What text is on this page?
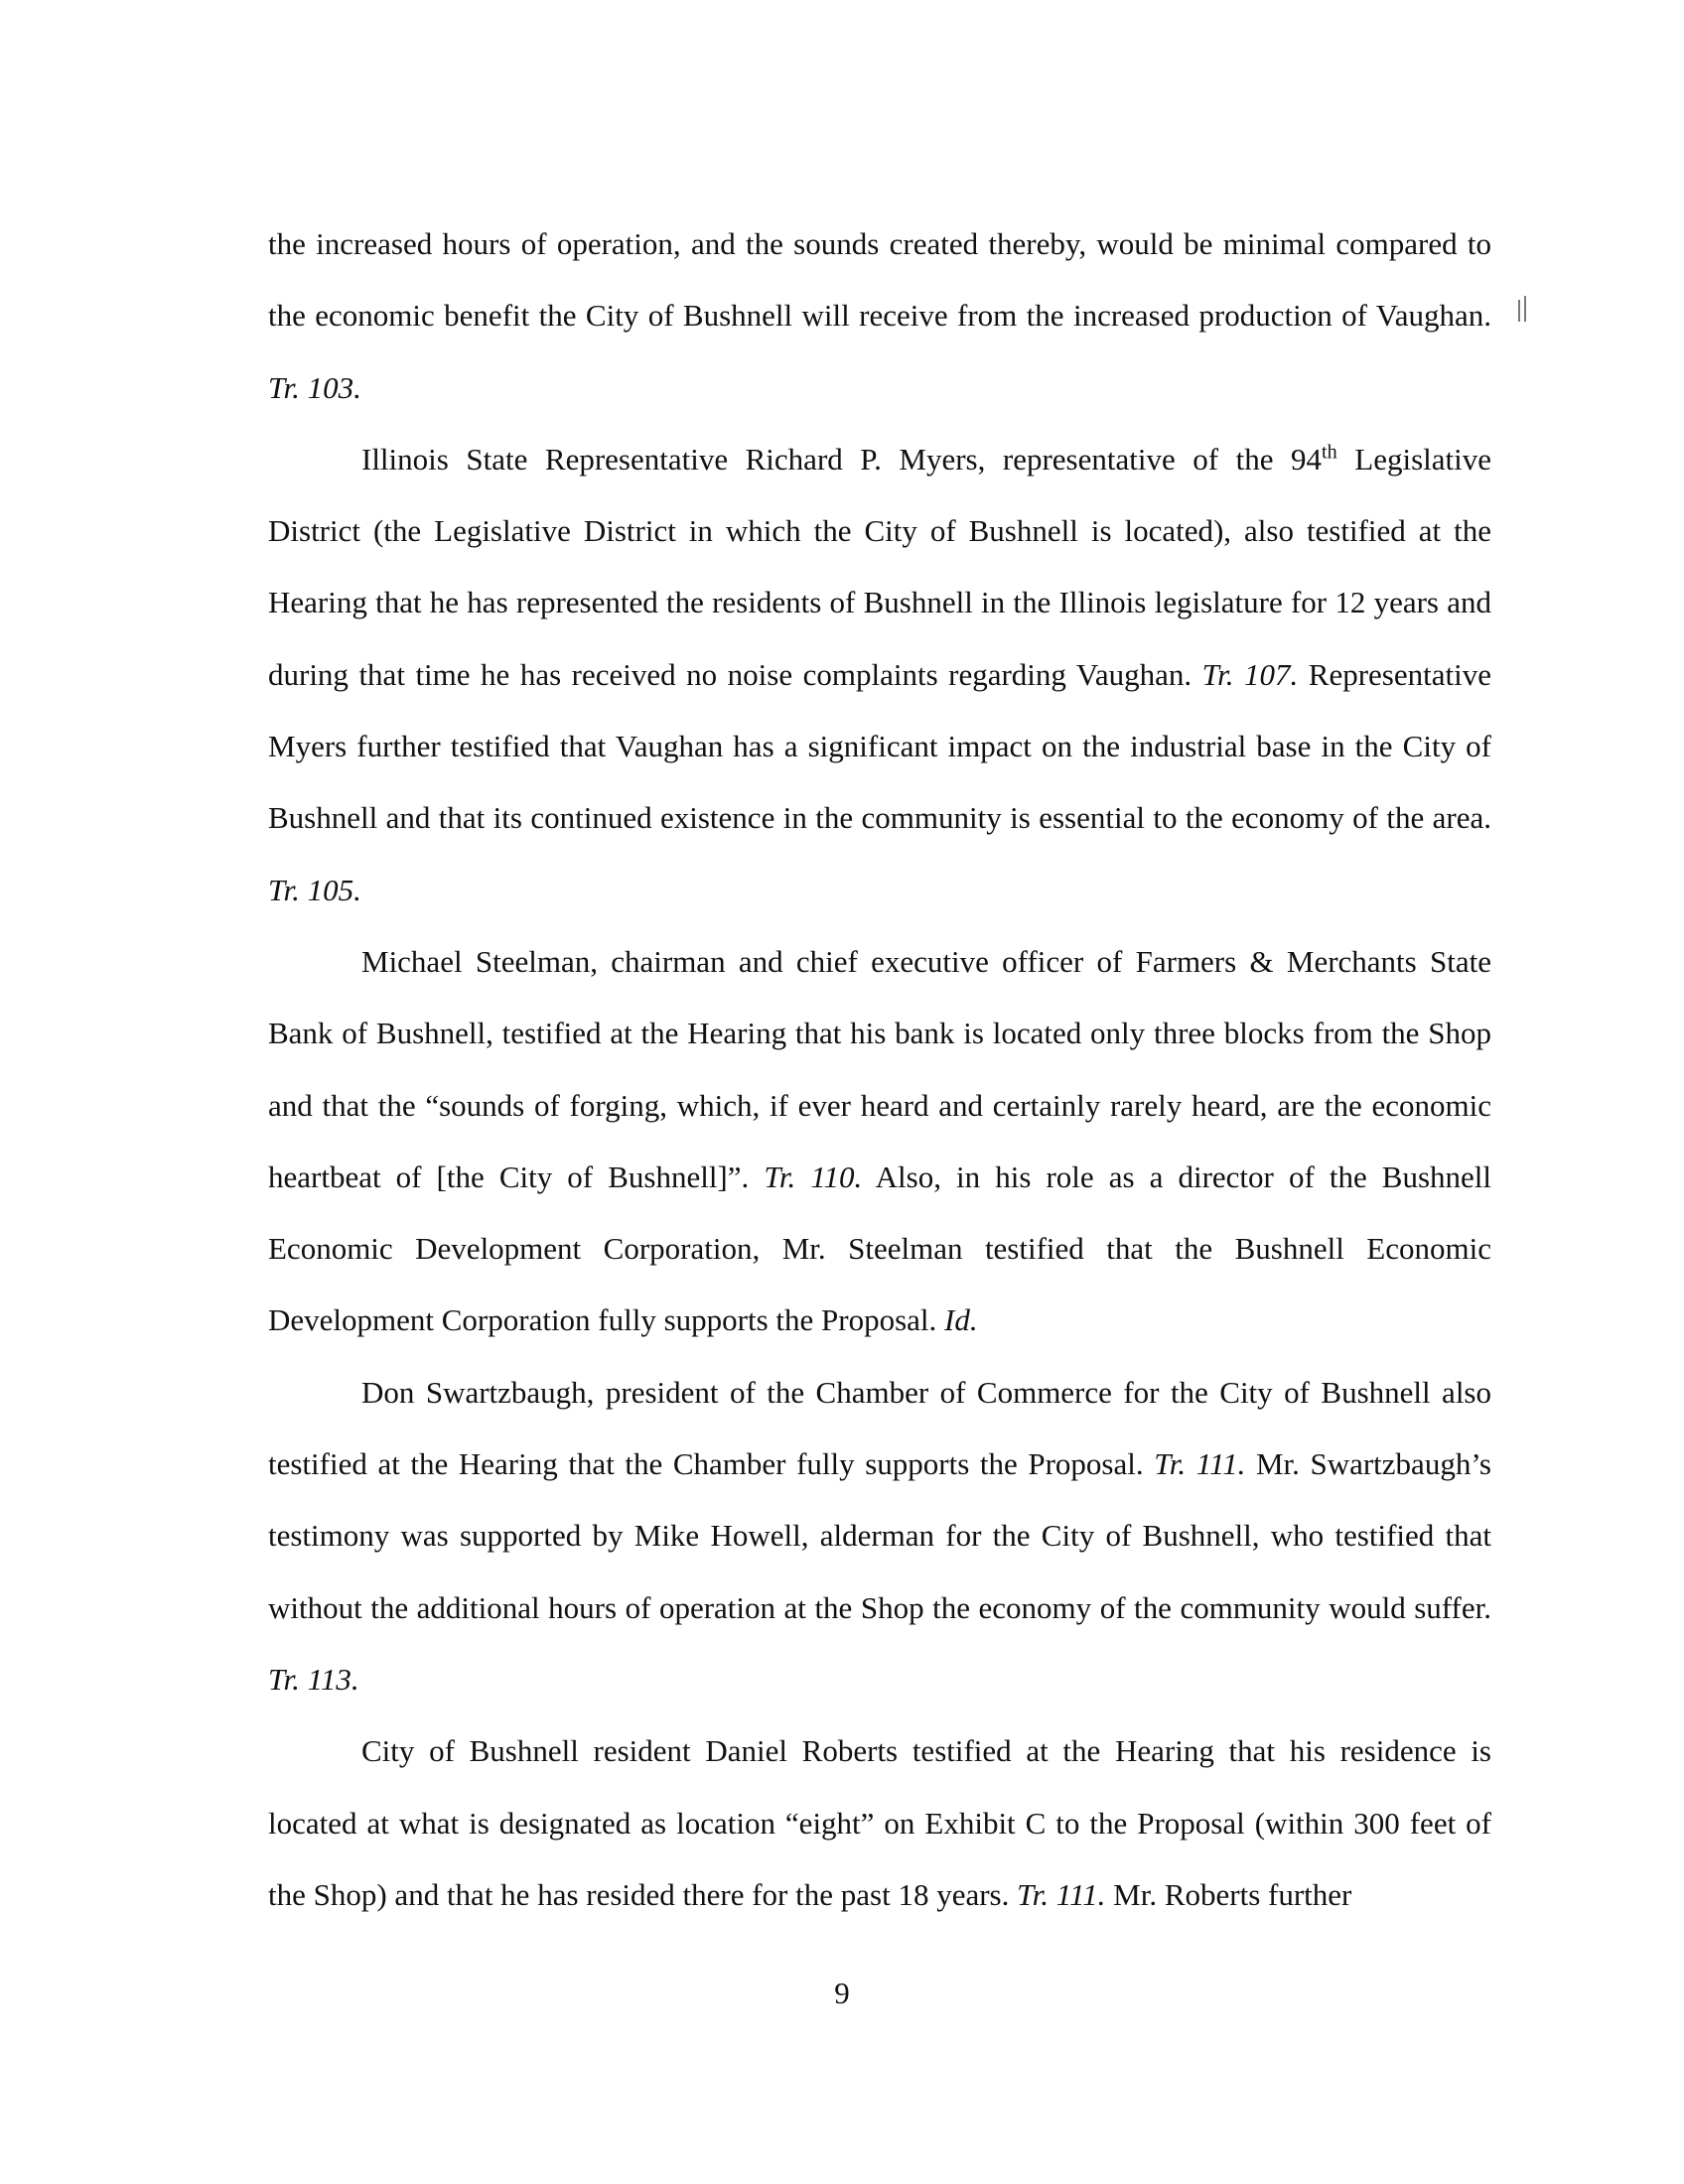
the increased hours of operation, and the sounds created thereby, would be minimal compared to the economic benefit the City of Bushnell will receive from the increased production of Vaughan. Tr. 103.

Illinois State Representative Richard P. Myers, representative of the 94th Legislative District (the Legislative District in which the City of Bushnell is located), also testified at the Hearing that he has represented the residents of Bushnell in the Illinois legislature for 12 years and during that time he has received no noise complaints regarding Vaughan. Tr. 107. Representative Myers further testified that Vaughan has a significant impact on the industrial base in the City of Bushnell and that its continued existence in the community is essential to the economy of the area. Tr. 105.

Michael Steelman, chairman and chief executive officer of Farmers & Merchants State Bank of Bushnell, testified at the Hearing that his bank is located only three blocks from the Shop and that the “sounds of forging, which, if ever heard and certainly rarely heard, are the economic heartbeat of [the City of Bushnell]”. Tr. 110. Also, in his role as a director of the Bushnell Economic Development Corporation, Mr. Steelman testified that the Bushnell Economic Development Corporation fully supports the Proposal. Id.

Don Swartzbaugh, president of the Chamber of Commerce for the City of Bushnell also testified at the Hearing that the Chamber fully supports the Proposal. Tr. 111. Mr. Swartzbaugh’s testimony was supported by Mike Howell, alderman for the City of Bushnell, who testified that without the additional hours of operation at the Shop the economy of the community would suffer. Tr. 113.

City of Bushnell resident Daniel Roberts testified at the Hearing that his residence is located at what is designated as location “eight” on Exhibit C to the Proposal (within 300 feet of the Shop) and that he has resided there for the past 18 years. Tr. 111. Mr. Roberts further

9
